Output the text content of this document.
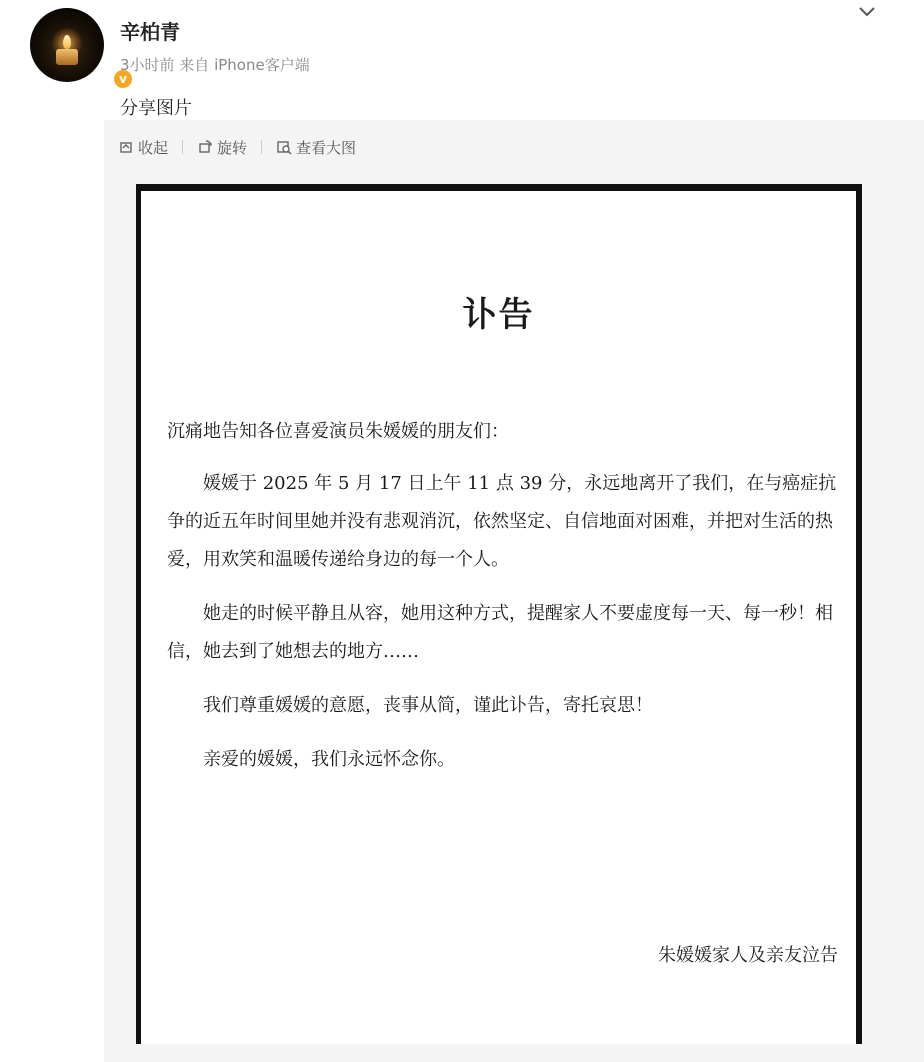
v
辛柏青
3小时前 来自 iPhone客户端
分享图片
收起	旋转	查看大图
讣告

沉痛地告知各位喜爱演员朱媛媛的朋友们：

媛媛于 2025 年 5 月 17 日上午 11 点 39 分，永远地离开了我们，在与癌症抗争的近五年时间里她并没有悲观消沉，依然坚定、自信地面对困难，并把对生活的热爱，用欢笑和温暖传递给身边的每一个人。

她走的时候平静且从容，她用这种方式，提醒家人不要虚度每一天、每一秒！相信，她去到了她想去的地方……

我们尊重媛媛的意愿，丧事从简，谨此讣告，寄托哀思！

亲爱的媛媛，我们永远怀念你。

朱媛媛家人及亲友泣告
